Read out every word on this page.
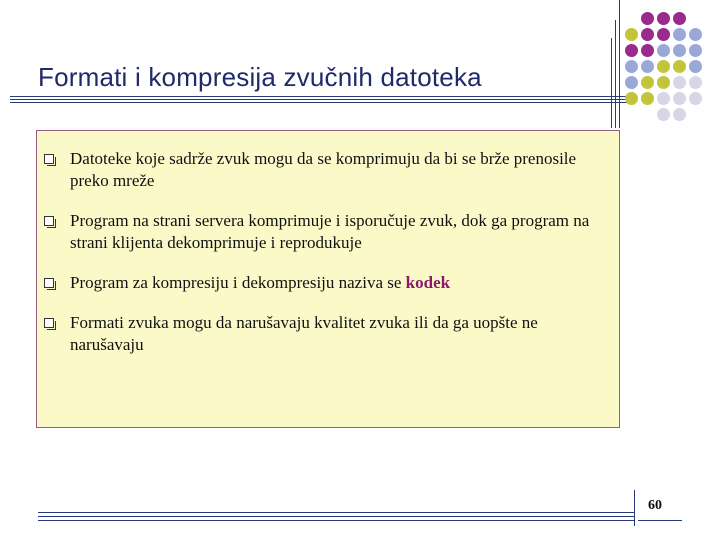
Formati i kompresija zvučnih datoteka
Datoteke koje sadrže zvuk mogu da se komprimuju da bi se brže prenosile preko mreže
Program na strani servera komprimuje i isporučuje zvuk, dok ga program na strani klijenta dekomprimuje i reprodukuje
Program za kompresiju i dekompresiju naziva se kodek
Formati zvuka mogu da narušavaju kvalitet zvuka ili da ga uopšte ne narušavaju
60
